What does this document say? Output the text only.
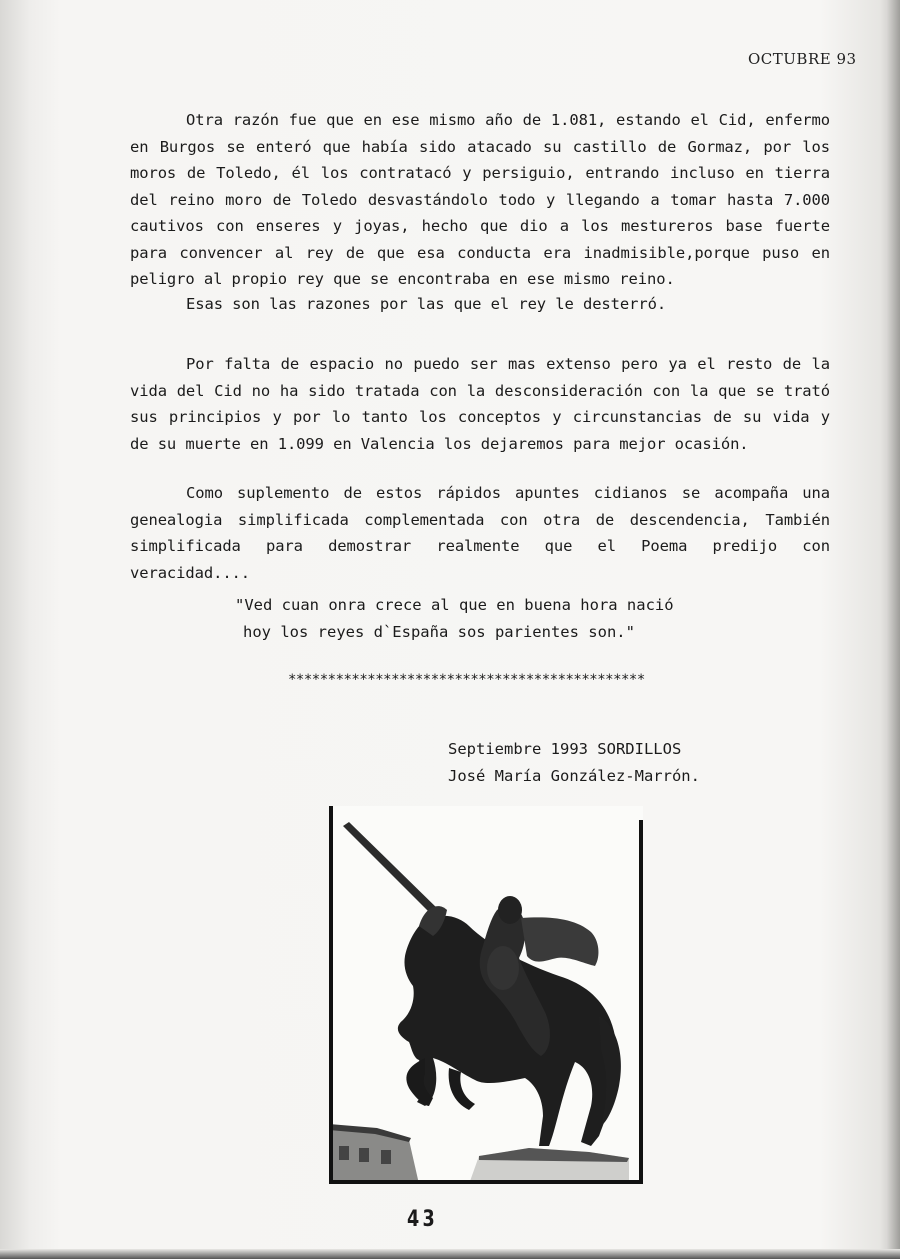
OCTUBRE 93

Otra razón fue que en ese mismo año de 1.081, estando el Cid, enfermo en Burgos se enteró que había sido atacado su castillo de Gormaz, por los moros de Toledo, él los contratacó y persiguio, entrando incluso en tierra del reino moro de Toledo desvastándolo todo y llegando a tomar hasta 7.000 cautivos con enseres y joyas, hecho que dio a los mestureros base fuerte para convencer al rey de que esa conducta era inadmisible,porque puso en peligro al propio rey que se encontraba en ese mismo reino.

Esas son las razones por las que el rey le desterró.

Por falta de espacio no puedo ser mas extenso pero ya el resto de la vida del Cid no ha sido tratada con la desconsideración con la que se trató sus principios y por lo tanto los conceptos y circunstancias de su vida y de su muerte en 1.099 en Valencia los dejaremos para mejor ocasión.

Como suplemento de estos rápidos apuntes cidianos se acompaña una genealogia simplificada complementada con otra de descendencia, También simplificada para demostrar realmente que el Poema predijo con veracidad....

"Ved cuan onra crece al que en buena hora nació

hoy los reyes d`España sos parientes son."

*********************************************
Septiembre 1993 SORDILLOS
José María González-Marrón.
43
